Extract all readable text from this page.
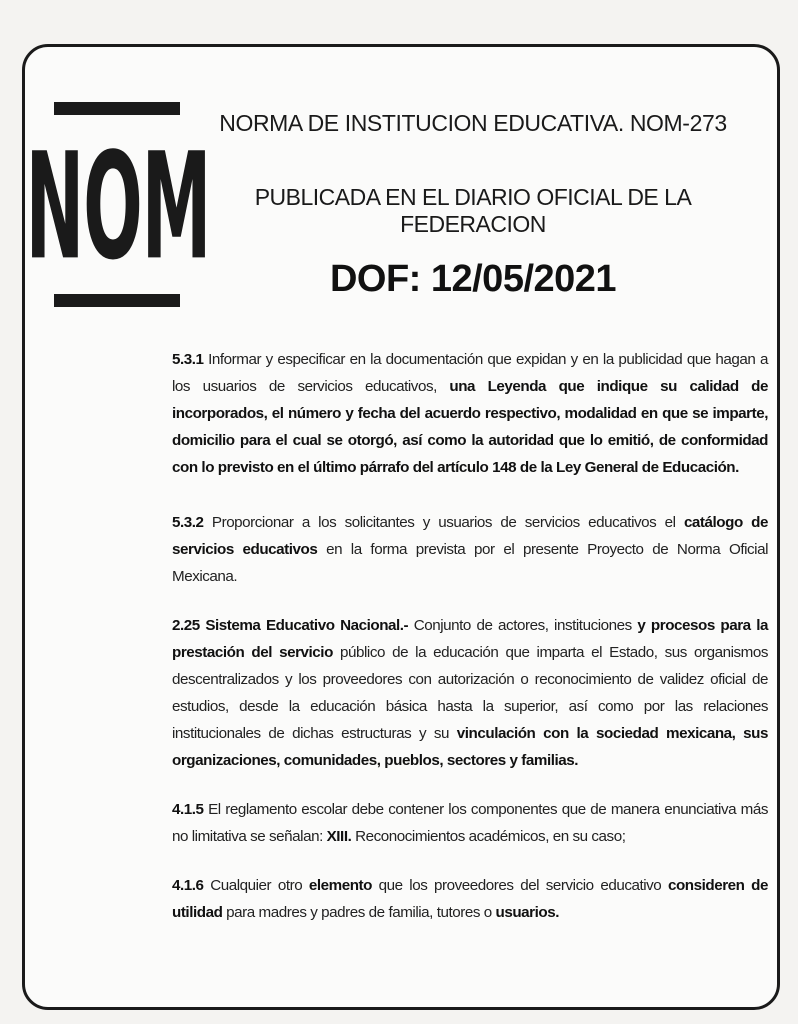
NOM NORMA DE INSTITUCION EDUCATIVA. NOM-273
PUBLICADA EN EL DIARIO OFICIAL DE LA FEDERACION
DOF: 12/05/2021

5.3.1 Informar y especificar en la documentación que expidan y en la publicidad que hagan a los usuarios de servicios educativos, una Leyenda que indique su calidad de incorporados, el número y fecha del acuerdo respectivo, modalidad en que se imparte, domicilio para el cual se otorgó, así como la autoridad que lo emitió, de conformidad con lo previsto en el último párrafo del artículo 148 de la Ley General de Educación.

5.3.2 Proporcionar a los solicitantes y usuarios de servicios educativos el catálogo de servicios educativos en la forma prevista por el presente Proyecto de Norma Oficial Mexicana.

2.25 Sistema Educativo Nacional.- Conjunto de actores, instituciones y procesos para la prestación del servicio público de la educación que imparta el Estado, sus organismos descentralizados y los proveedores con autorización o reconocimiento de validez oficial de estudios, desde la educación básica hasta la superior, así como por las relaciones institucionales de dichas estructuras y su vinculación con la sociedad mexicana, sus organizaciones, comunidades, pueblos, sectores y familias.

4.1.5 El reglamento escolar debe contener los componentes que de manera enunciativa más no limitativa se señalan: XIII. Reconocimientos académicos, en su caso;

4.1.6 Cualquier otro elemento que los proveedores del servicio educativo consideren de utilidad para madres y padres de familia, tutores o usuarios.
